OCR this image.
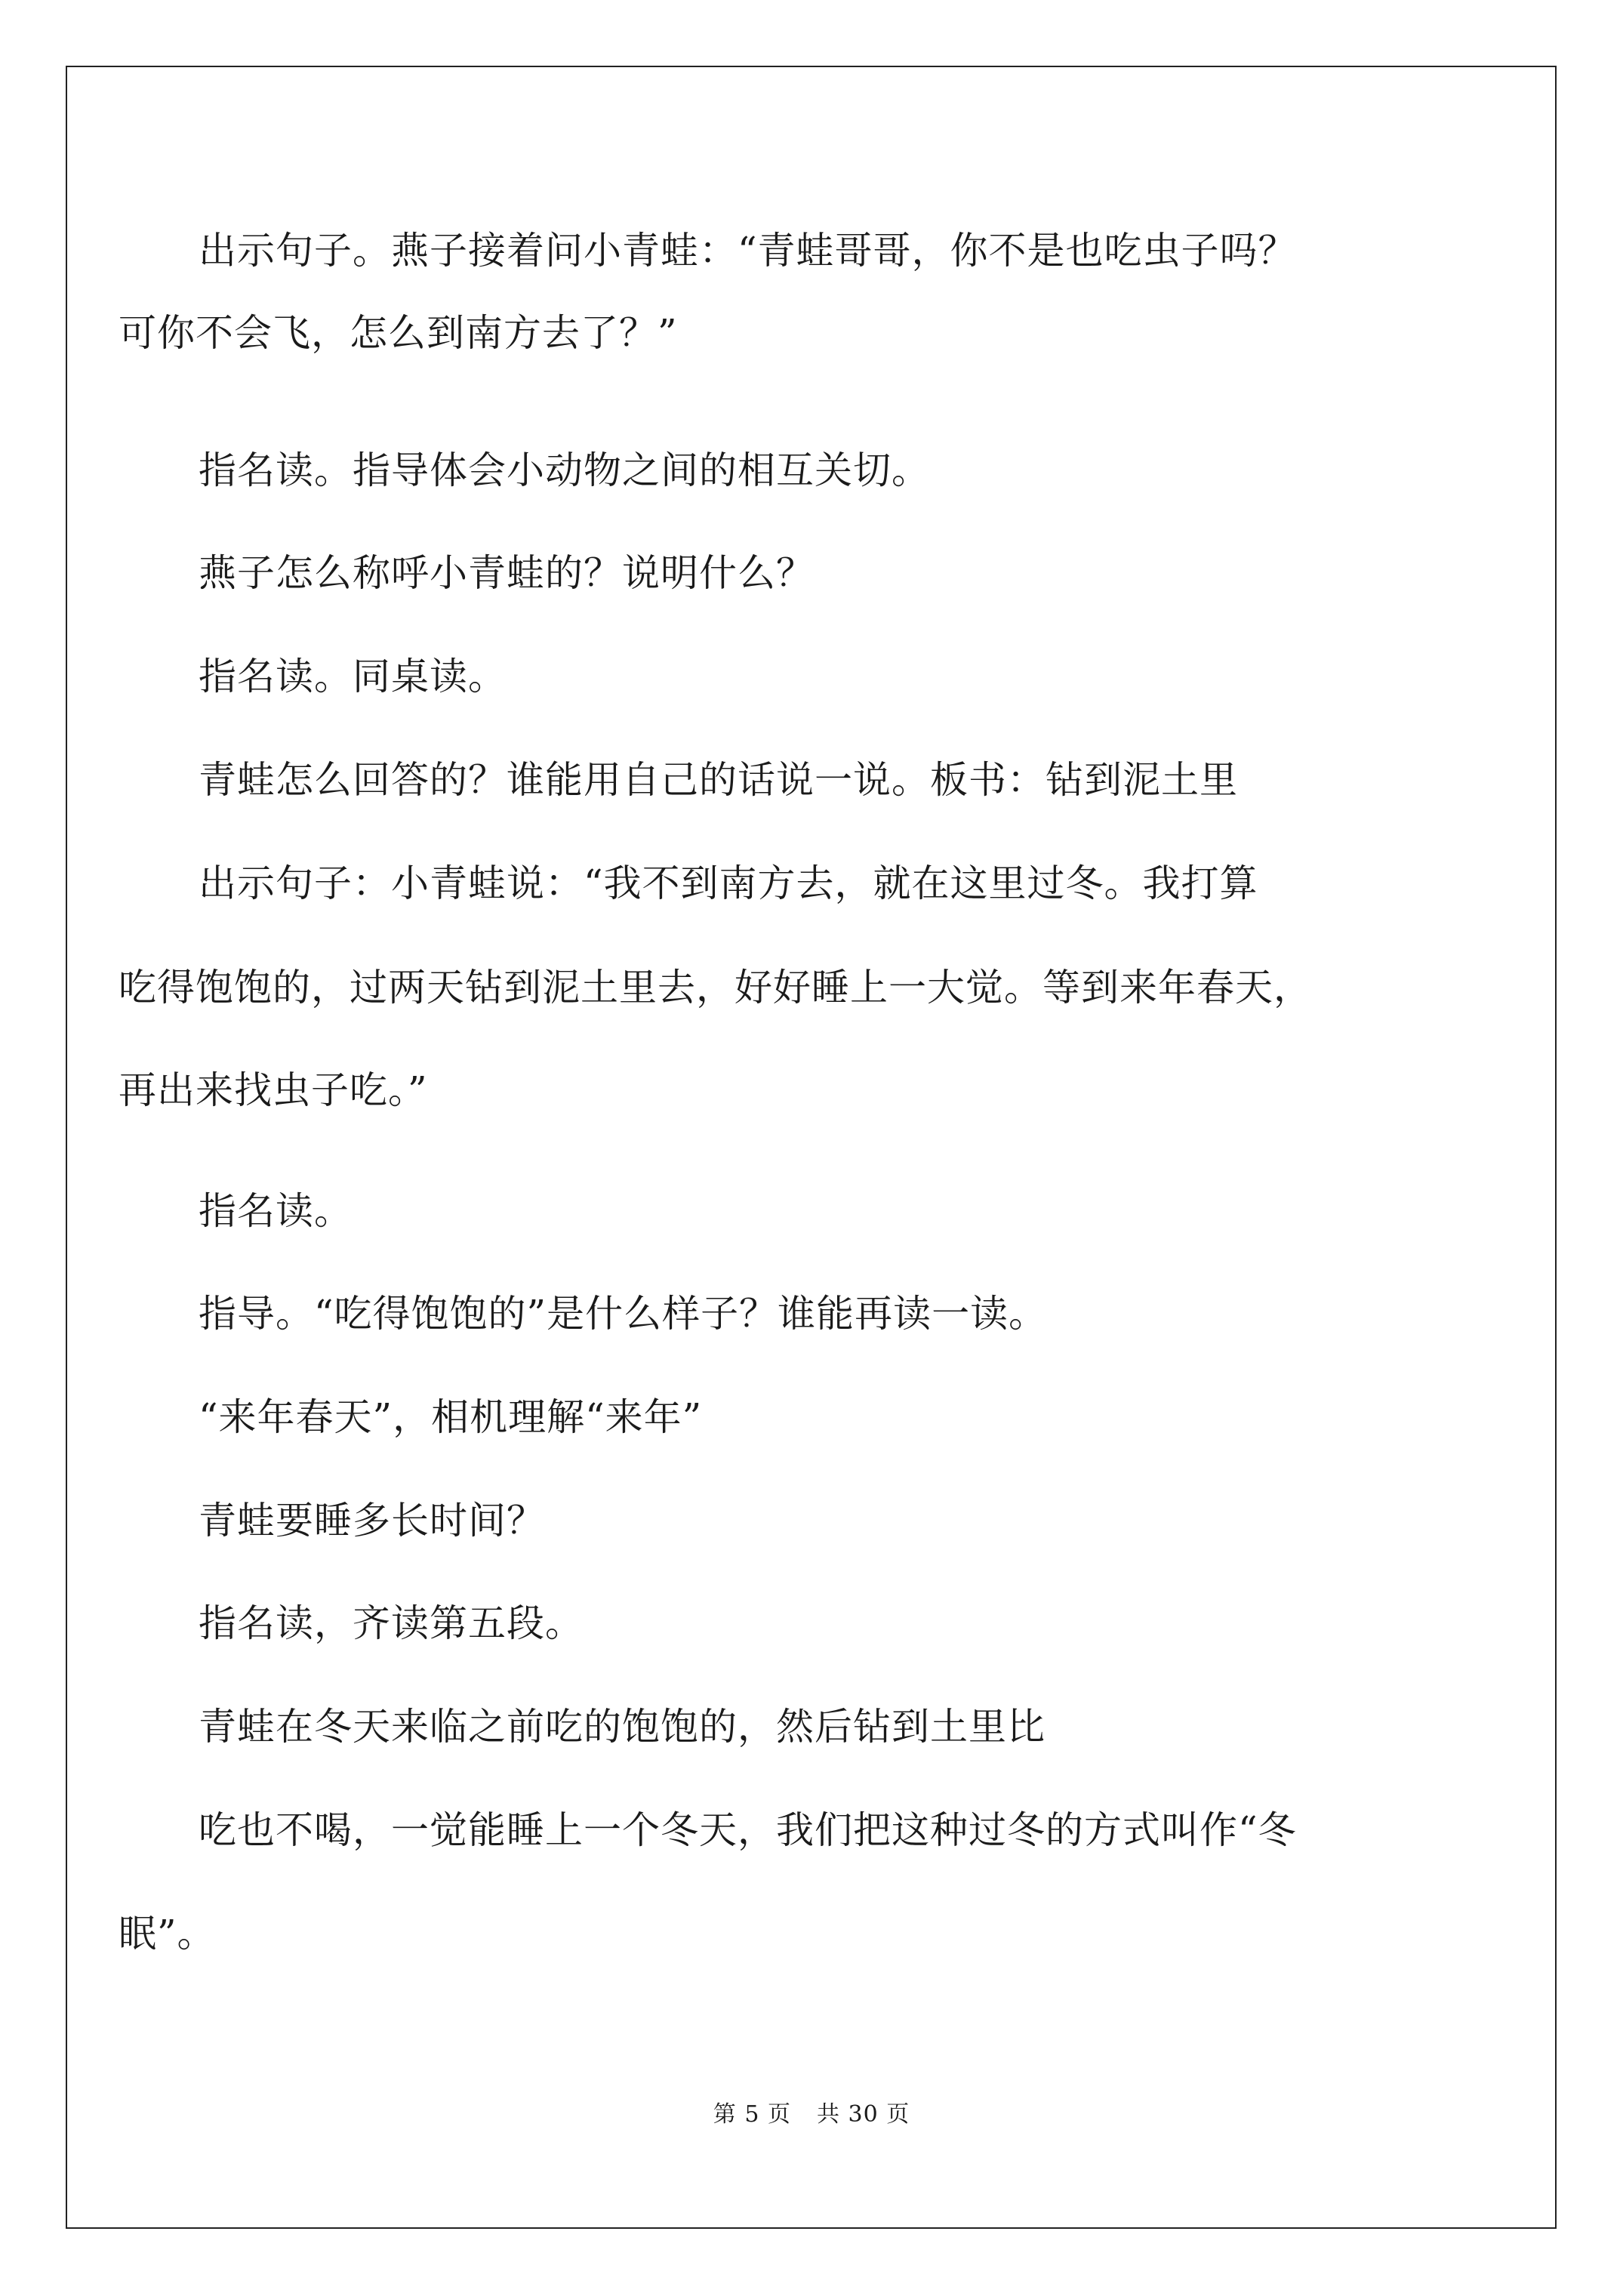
出示句子。燕子接着问小青蛙：“青蛙哥哥，你不是也吃虫子吗？
可你不会飞，怎么到南方去了？”
指名读。指导体会小动物之间的相互关切。
燕子怎么称呼小青蛙的？说明什么？
指名读。同桌读。
青蛙怎么回答的？谁能用自己的话说一说。板书：钻到泥土里
出示句子：小青蛙说：“我不到南方去，就在这里过冬。我打算
吃得饱饱的，过两天钻到泥土里去，好好睡上一大觉。等到来年春天，
再出来找虫子吃。”
指名读。
指导。“吃得饱饱的”是什么样子？谁能再读一读。
“来年春天”，相机理解“来年”
青蛙要睡多长时间？
指名读，齐读第五段。
青蛙在冬天来临之前吃的饱饱的，然后钻到土里比
吃也不喝，一觉能睡上一个冬天，我们把这种过冬的方式叫作“冬
眠”。
第 5 页 共 30 页
